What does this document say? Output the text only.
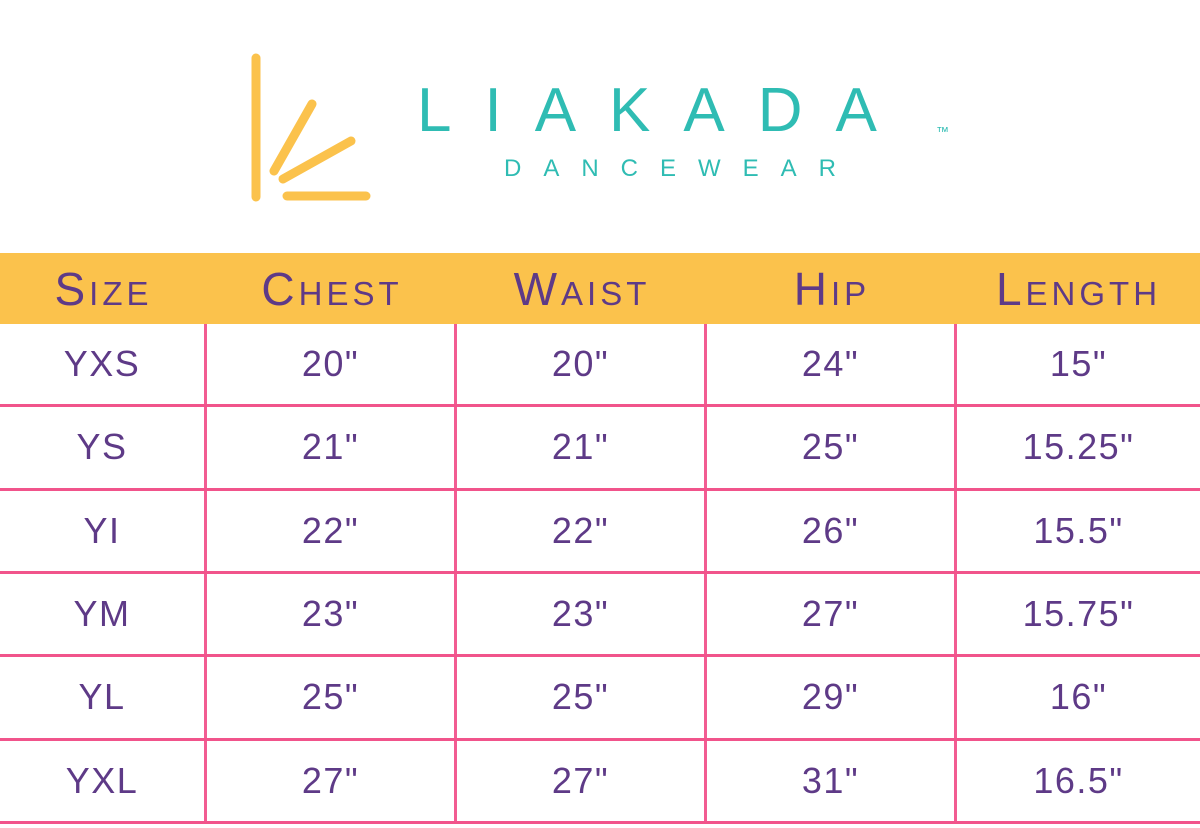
LIAKADA ™
DANCEWEAR
SIZE	CHEST	WAIST	HIP	LENGTH
YXS	20"	20"	24"	15"
YS	21"	21"	25"	15.25"
YI	22"	22"	26"	15.5"
YM	23"	23"	27"	15.75"
YL	25"	25"	29"	16"
YXL	27"	27"	31"	16.5"
